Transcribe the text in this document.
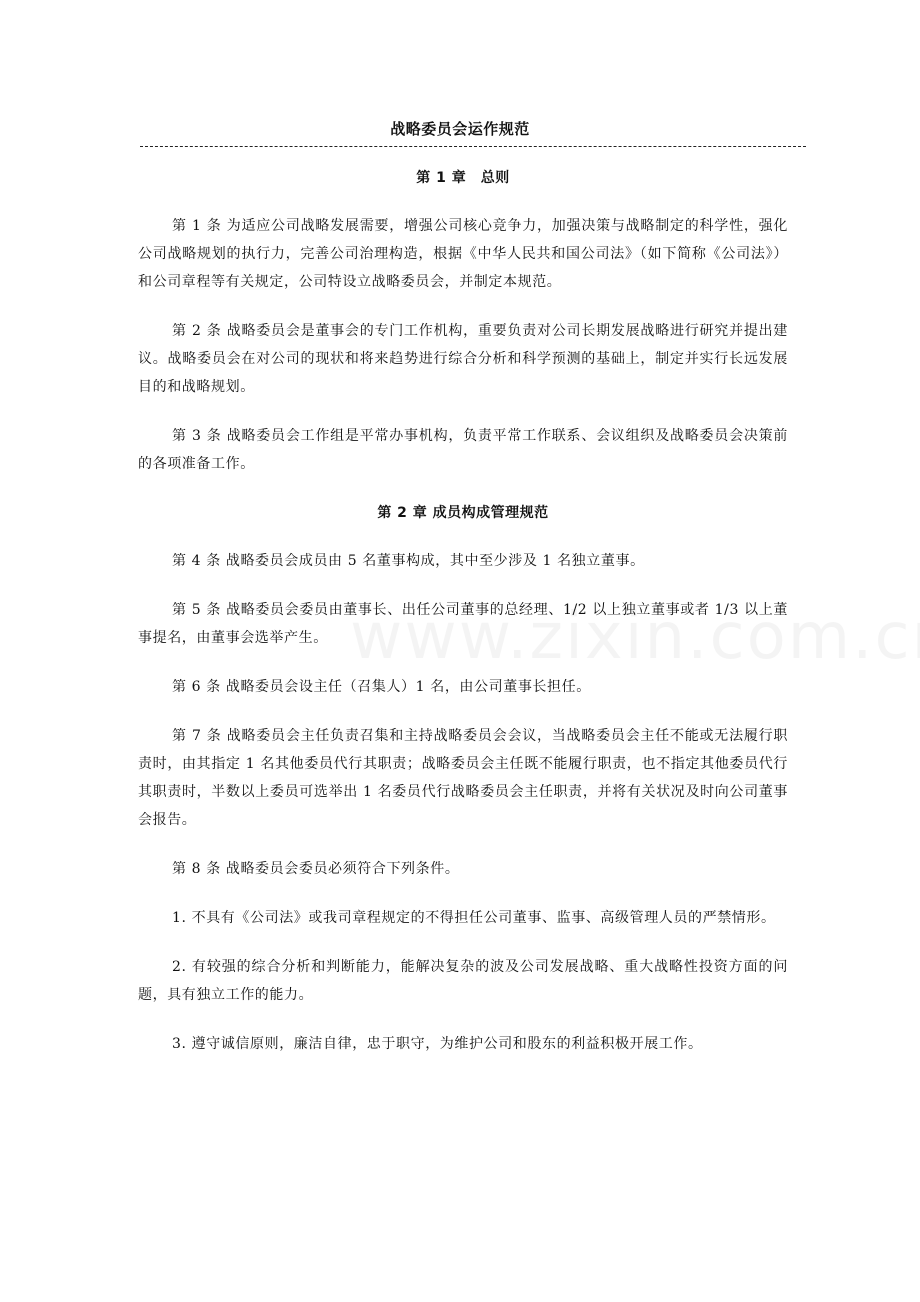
战略委员会运作规范

第 1 章　总则

第 1 条 为适应公司战略发展需要，增强公司核心竞争力，加强决策与战略制定的科学性，强化公司战略规划的执行力，完善公司治理构造，根据《中华人民共和国公司法》（如下简称《公司法》）和公司章程等有关规定，公司特设立战略委员会，并制定本规范。

第 2 条 战略委员会是董事会的专门工作机构，重要负责对公司长期发展战略进行研究并提出建议。战略委员会在对公司的现状和将来趋势进行综合分析和科学预测的基础上，制定并实行长远发展目的和战略规划。

第 3 条 战略委员会工作组是平常办事机构，负责平常工作联系、会议组织及战略委员会决策前的各项准备工作。

第 2 章 成员构成管理规范

第 4 条 战略委员会成员由 5 名董事构成，其中至少涉及 1 名独立董事。

第 5 条 战略委员会委员由董事长、出任公司董事的总经理、1/2 以上独立董事或者 1/3 以上董事提名，由董事会选举产生。

第 6 条 战略委员会设主任（召集人）1 名，由公司董事长担任。

第 7 条 战略委员会主任负责召集和主持战略委员会会议，当战略委员会主任不能或无法履行职责时，由其指定 1 名其他委员代行其职责；战略委员会主任既不能履行职责，也不指定其他委员代行其职责时，半数以上委员可选举出 1 名委员代行战略委员会主任职责，并将有关状况及时向公司董事会报告。

第 8 条 战略委员会委员必须符合下列条件。

1. 不具有《公司法》或我司章程规定的不得担任公司董事、监事、高级管理人员的严禁情形。

2. 有较强的综合分析和判断能力，能解决复杂的波及公司发展战略、重大战略性投资方面的问题，具有独立工作的能力。

3. 遵守诚信原则，廉洁自律，忠于职守，为维护公司和股东的利益积极开展工作。
